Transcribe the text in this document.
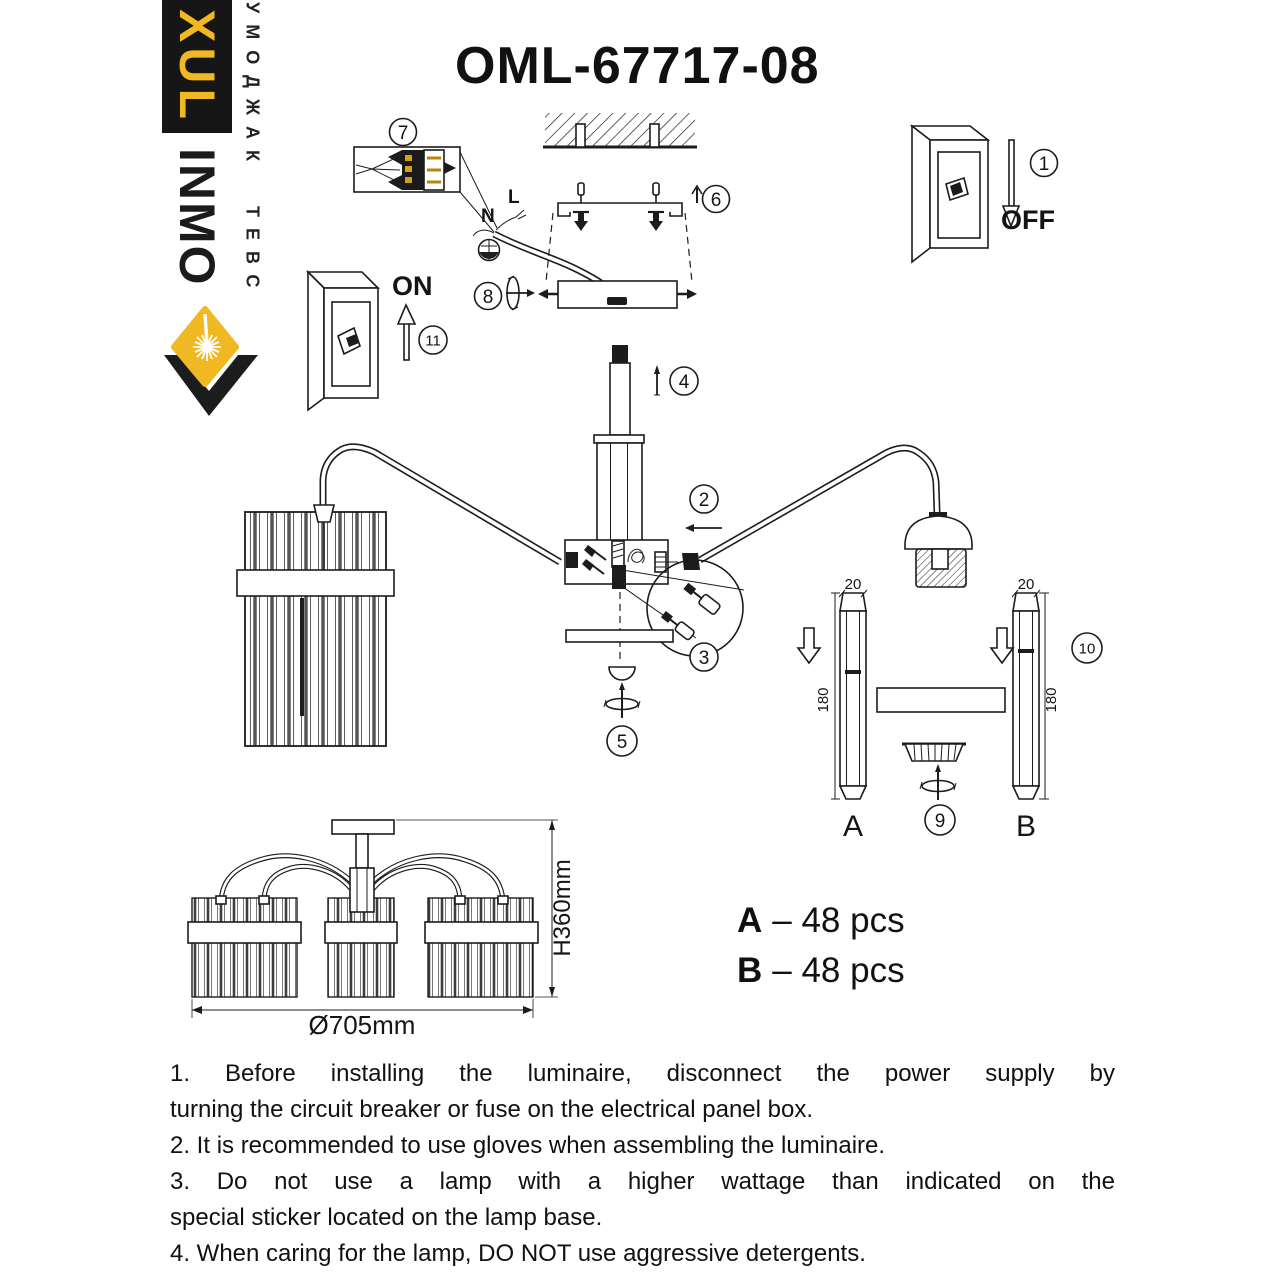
XUL
INMO УМОДЖАК ТЕВС	OML-67717-08
7
N
L	6
8
1
OFF
ON
11
4
2
3
5
180
20
A
180
20
B
10
9
H360mm
Ø705mm
A – 48 pcs
B – 48 pcs
1. Before installing the luminaire, disconnect the power supply by
turning the circuit breaker or fuse on the electrical panel box.
2. It is recommended to use gloves when assembling the luminaire.
3. Do not use a lamp with a higher wattage than indicated on the
special sticker located on the lamp base.
4. When caring for the lamp, DO NOT use aggressive detergents.
